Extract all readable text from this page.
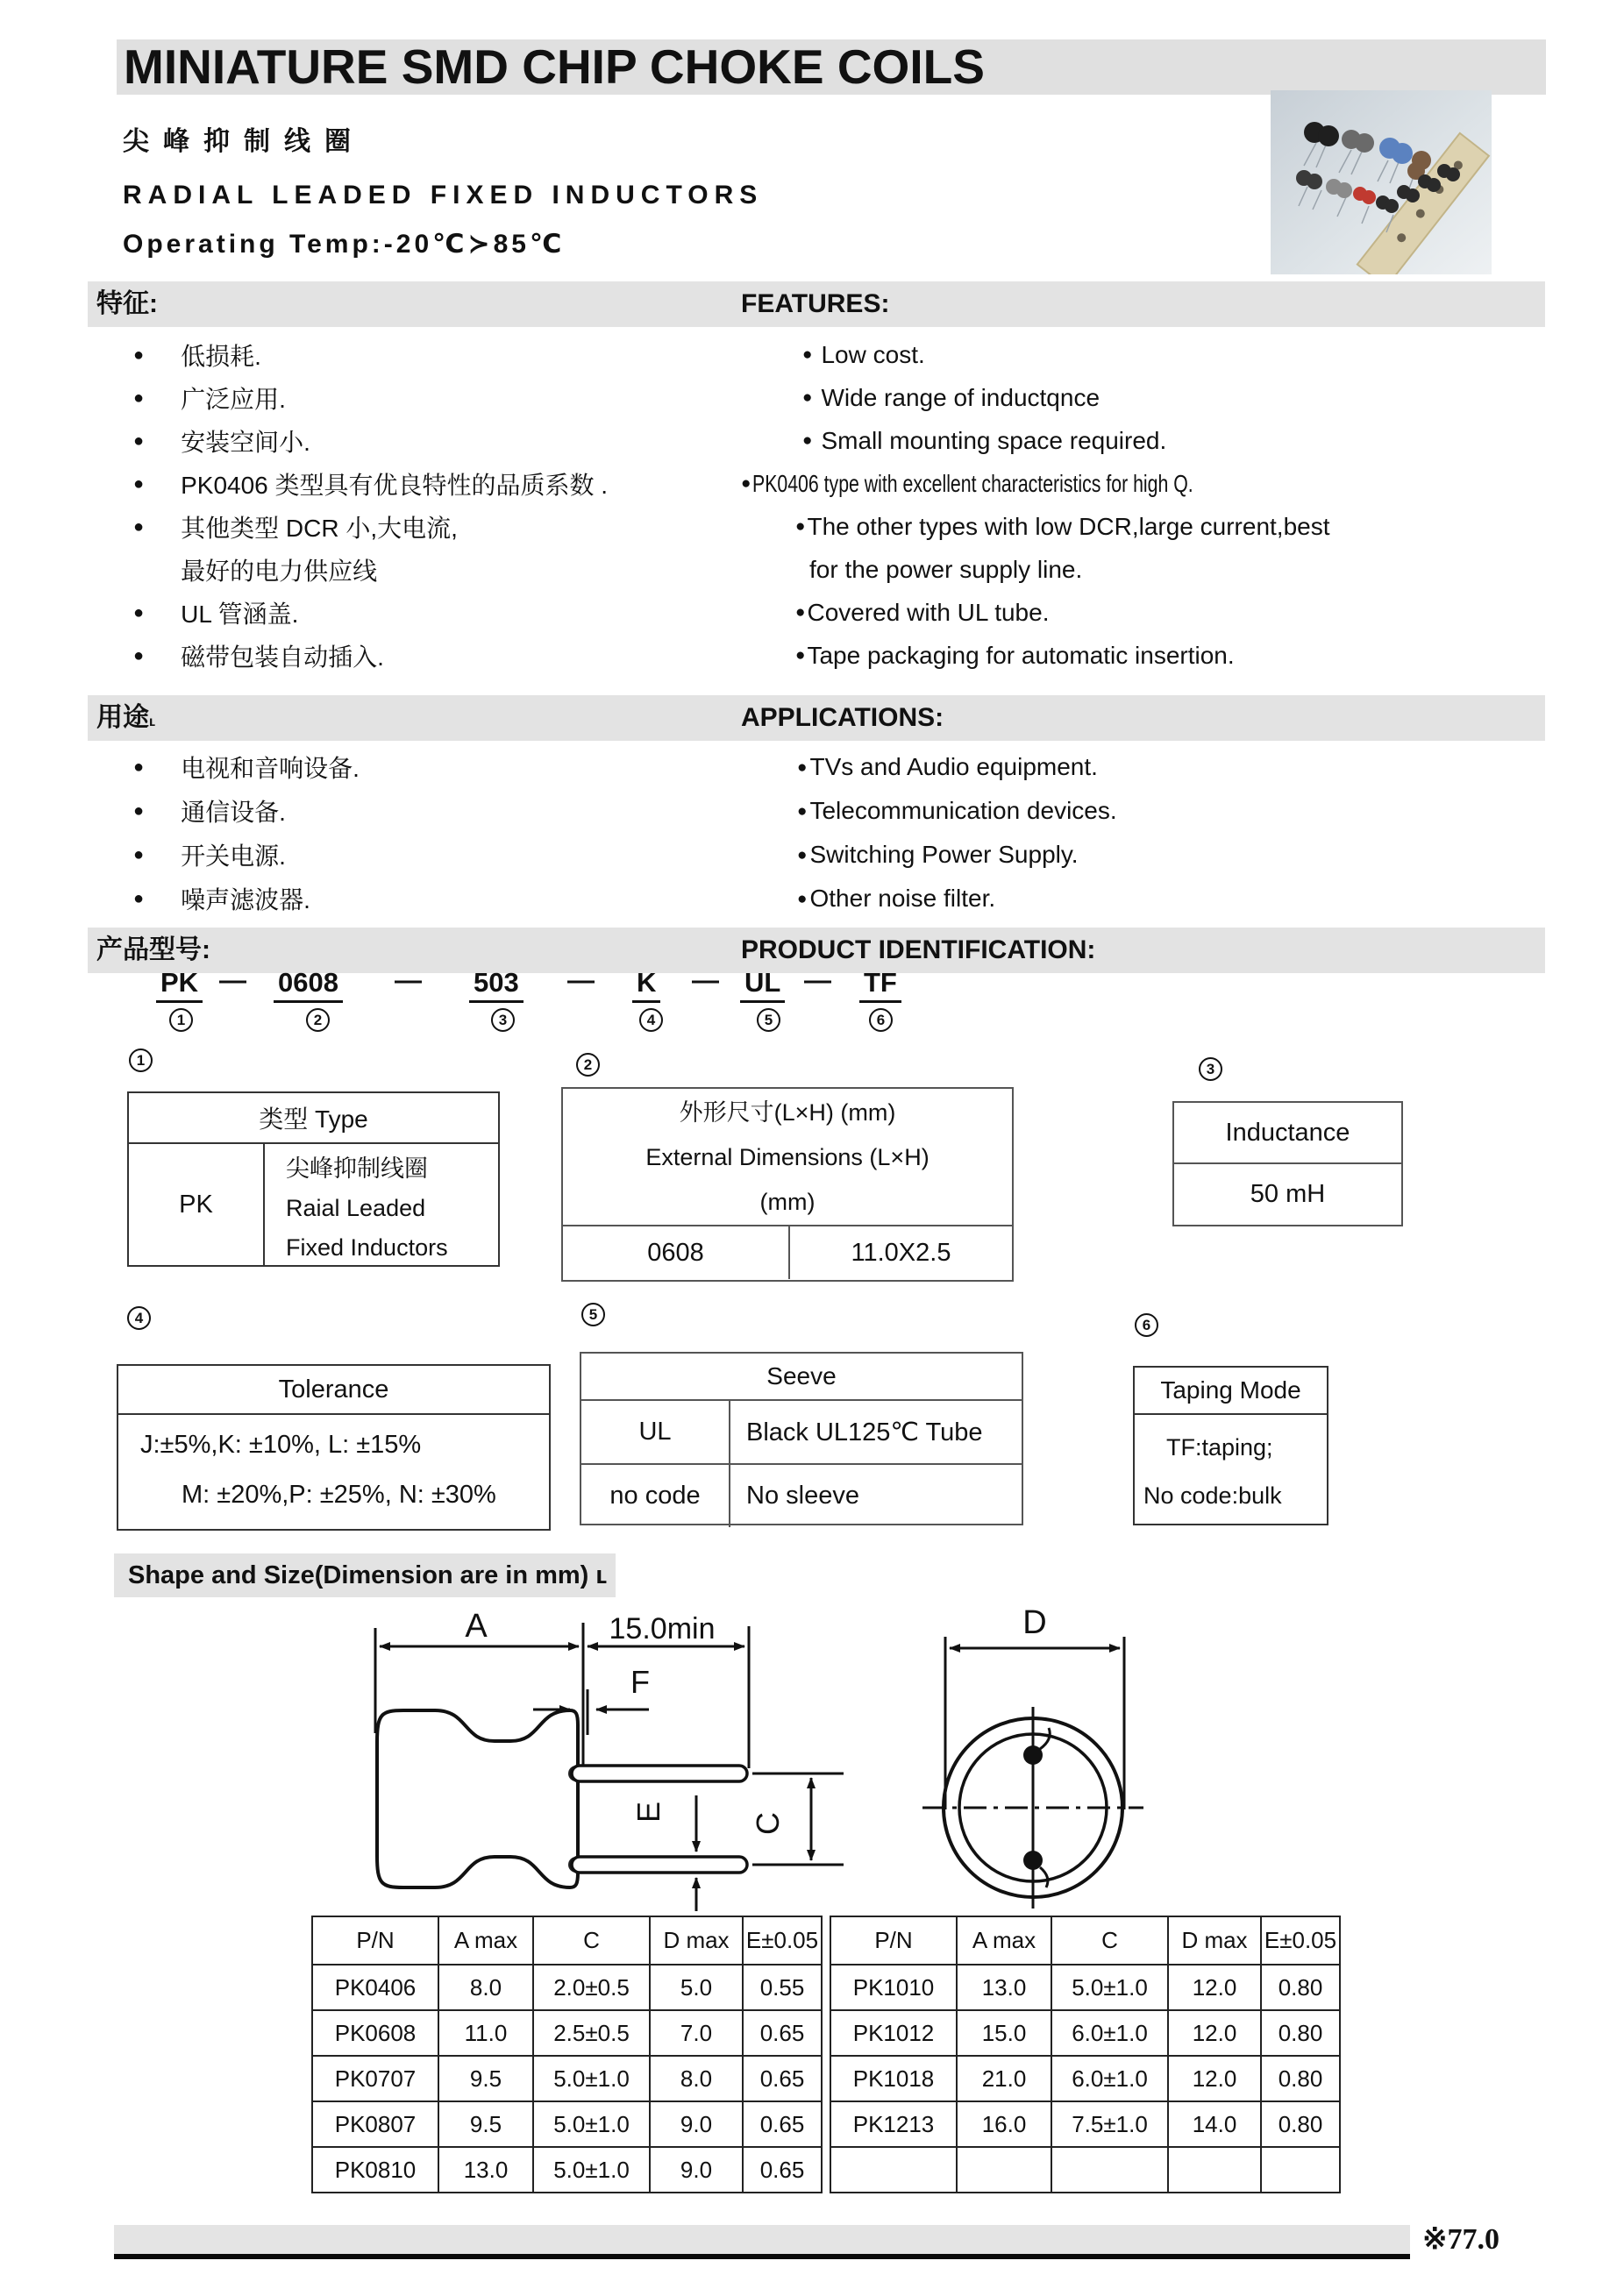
MINIATURE SMD CHIP CHOKE COILS
尖峰抑制线圈
RADIAL LEADED FIXED INDUCTORS
Operating Temp:-20℃≻85℃
特征:	FEATURES:
● 低损耗.	● Low cost.
● 广泛应用.	● Wide range of inductqnce
● 安装空间小.	● Small mounting space required.
● PK0406 类型具有优良特性的品质系数 .	● PK0406 type with excellent characteristics for high Q.
● 其他类型 DCR 小,大电流,	● The other types with low DCR,large current,best
最好的电力供应线	for the power supply line.
● UL 管涵盖.	● Covered with UL tube.
● 磁带包装自动插入.	● Tape packaging for automatic insertion.
用途ʟ	APPLICATIONS:
● 电视和音响设备.	● TVs and Audio equipment.
● 通信设备.	● Telecommunication devices.
● 开关电源.	● Switching Power Supply.
● 噪声滤波器.	● Other noise filter.
产品型号:	PRODUCT IDENTIFICATION:
PK — 0608 — 503 — K — UL — TF
1	2	3	4	5	6
1	2	3
4	5
6
类型 Type
PK
尖峰抑制线圈
Raial Leaded
Fixed Inductors
外形尺寸(L×H) (mm)
External Dimensions (L×H)
(mm)
0608	11.0X2.5
Inductance
50 mH
Tolerance
J:±5%,K: ±10%, L: ±15%
M: ±20%,P: ±25%, N: ±30%
Seeve
UL	Black UL125℃ Tube
no code	No sleeve
Taping Mode
TF:taping;
No code:bulk
Shape and Size(Dimension are in mm) ʟ
A	15.0min
F
E	C
D
P/N	A max	C	D max	E±0.05
PK0406	8.0	2.0±0.5	5.0	0.55
PK0608	11.0	2.5±0.5	7.0	0.65
PK0707	9.5	5.0±1.0	8.0	0.65
PK0807	9.5	5.0±1.0	9.0	0.65
PK0810	13.0	5.0±1.0	9.0	0.65
P/N	A max	C	D max	E±0.05
PK1010	13.0	5.0±1.0	12.0	0.80
PK1012	15.0	6.0±1.0	12.0	0.80
PK1018	21.0	6.0±1.0	12.0	0.80
PK1213	16.0	7.5±1.0	14.0	0.80

※77.0
